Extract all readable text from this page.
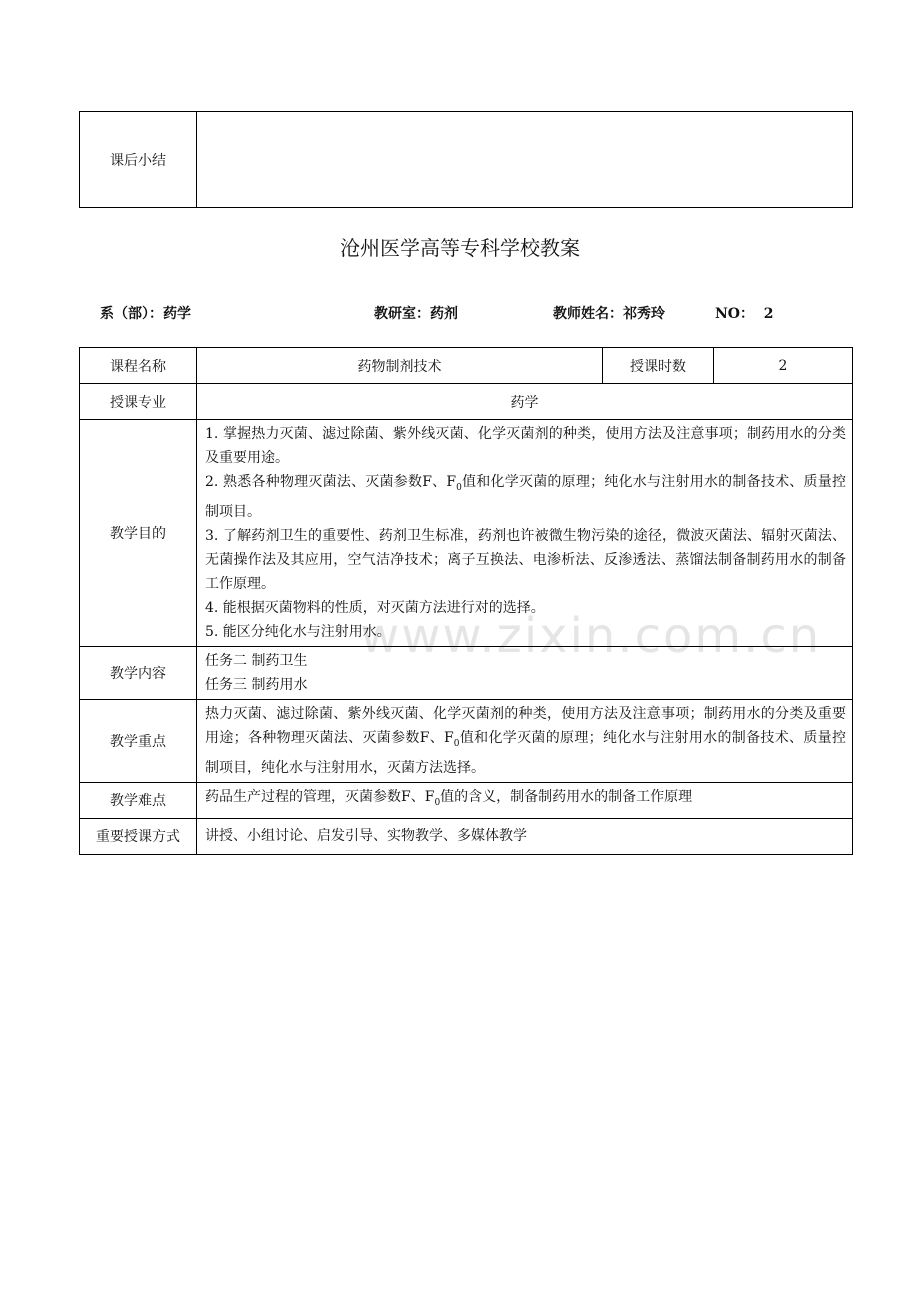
课后小结	
沧州医学高等专科学校教案
系（部）：药学	教研室：药剂	教师姓名：祁秀玲	NO： 2
课程名称	药物制剂技术	授课时数	2
授课专业	药学		
教学目的	1. 掌握热力灭菌、滤过除菌、紫外线灭菌、化学灭菌剂的种类，使用方法及注意事项；制药用水的分类及重要用途。
2. 熟悉各种物理灭菌法、灭菌参数F、$F_0$值和化学灭菌的原理；纯化水与注射用水的制备技术、质量控制项目。
3. 了解药剂卫生的重要性、药剂卫生标准，药剂也许被微生物污染的途径，微波灭菌法、辐射灭菌法、无菌操作法及其应用，空气洁净技术；离子互换法、电渗析法、反渗透法、蒸馏法制备制药用水的制备工作原理。
4. 能根据灭菌物料的性质，对灭菌方法进行对的选择。
5. 能区分纯化水与注射用水。		

教学内容	任务二 制药卫生
任务三 制药用水		

教学重点	热力灭菌、滤过除菌、紫外线灭菌、化学灭菌剂的种类，使用方法及注意事项；制药用水的分类及重要用途；各种物理灭菌法、灭菌参数F、$F_0$值和化学灭菌的原理；纯化水与注射用水的制备技术、质量控制项目，纯化水与注射用水，灭菌方法选择。		
教学难点	药品生产过程的管理，灭菌参数F、$F_0$值的含义，制备制药用水的制备工作原理		
重要授课方式	讲授、小组讨论、启发引导、实物教学、多媒体教学		
www.zixin.com.cn
